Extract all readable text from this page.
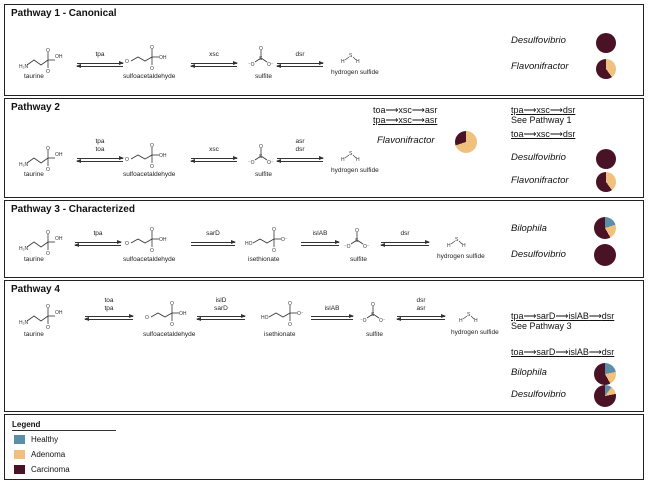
Pathway 1 - Canonical
H₂N
O
O
OH
taurine
tpa
O
O
O
OH
sulfoacetaldehyde
xsc
O
S
⁻O O⁻
sulfite
dsr
H
S
H
hydrogen sulfide
Desulfovibrio
Flavonifractor
Pathway 2
H₂N
O
O
OH
taurine
tpa
toa
O
O
O
OH
sulfoacetaldehyde
xsc	O
S
⁻O O⁻
sulfite
asr
dsr
H
S
H
hydrogen sulfide
toa⟶xsc⟶asr
tpa⟶xsc⟶asr
Flavonifractor
tpa⟶xsc⟶dsr
See Pathway 1
toa⟶xsc⟶dsr
Desulfovibrio
Flavonifractor
Pathway 3 - Characterized
H₂N
O
O
OH
taurine
tpa
O
O
O
OH
sulfoacetaldehyde
sarD
HO
O
O
O⁻
isethionate
islAB	O
S
⁻O O⁻
sulfite
dsr
H
S
H
hydrogen sulfide
Bilophila
Desulfovibrio
Pathway 4
H₂N
O
O
OH
taurine
toa
tpa
O
O
O
OH
sulfoacetaldehyde
islD
sarD
HO
O
O
O⁻
isethionate
islAB	O
S
⁻O O⁻
sulfite
dsr
asr
H
S
H
hydrogen sulfide
tpa⟶sarD⟶islAB⟶dsr
See Pathway 3
toa⟶sarD⟶islAB⟶dsr
Bilophila
Desulfovibrio
Legend
Healthy
Adenoma
Carcinoma
